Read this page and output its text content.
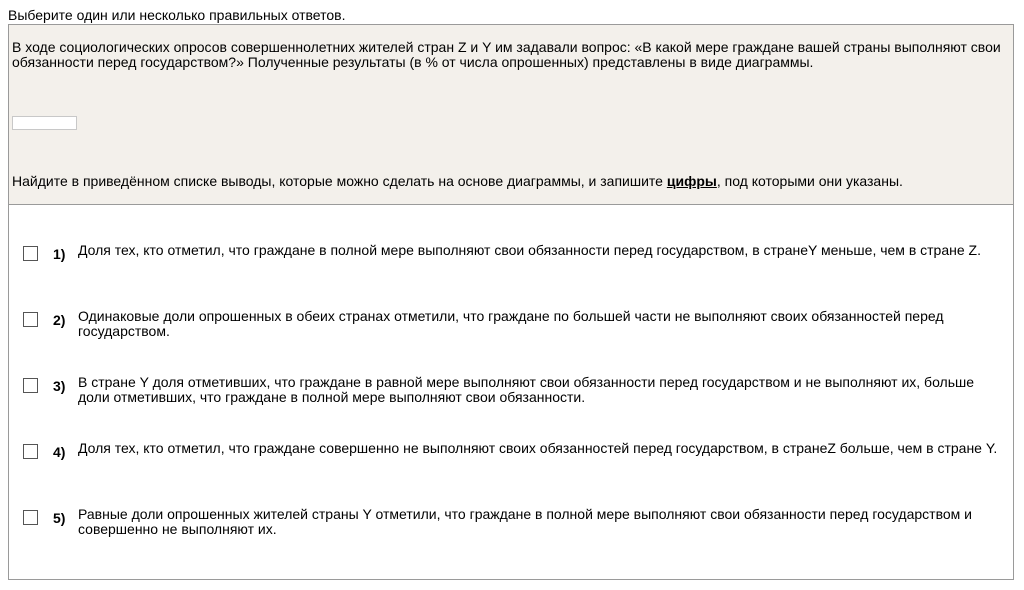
Выберите один или несколько правильных ответов.
В ходе социологических опросов совершеннолетних жителей стран Z и Y им задавали вопрос: «В какой мере граждане вашей страны выполняют свои обязанности перед государством?» Полученные результаты (в % от числа опрошенных) представлены в виде диаграммы.
Найдите в приведённом списке выводы, которые можно сделать на основе диаграммы, и запишите цифры, под которыми они указаны.
1) Доля тех, кто отметил, что граждане в полной мере выполняют свои обязанности перед государством, в странеY меньше, чем в стране Z.
2) Одинаковые доли опрошенных в обеих странах отметили, что граждане по большей части не выполняют своих обязанностей перед государством.
3) В стране Y доля отметивших, что граждане в равной мере выполняют свои обязанности перед государством и не выполняют их, больше доли отметивших, что граждане в полной мере выполняют свои обязанности.
4) Доля тех, кто отметил, что граждане совершенно не выполняют своих обязанностей перед государством, в странеZ больше, чем в стране Y.
5) Равные доли опрошенных жителей страны Y отметили, что граждане в полной мере выполняют свои обязанности перед государством и совершенно не выполняют их.
